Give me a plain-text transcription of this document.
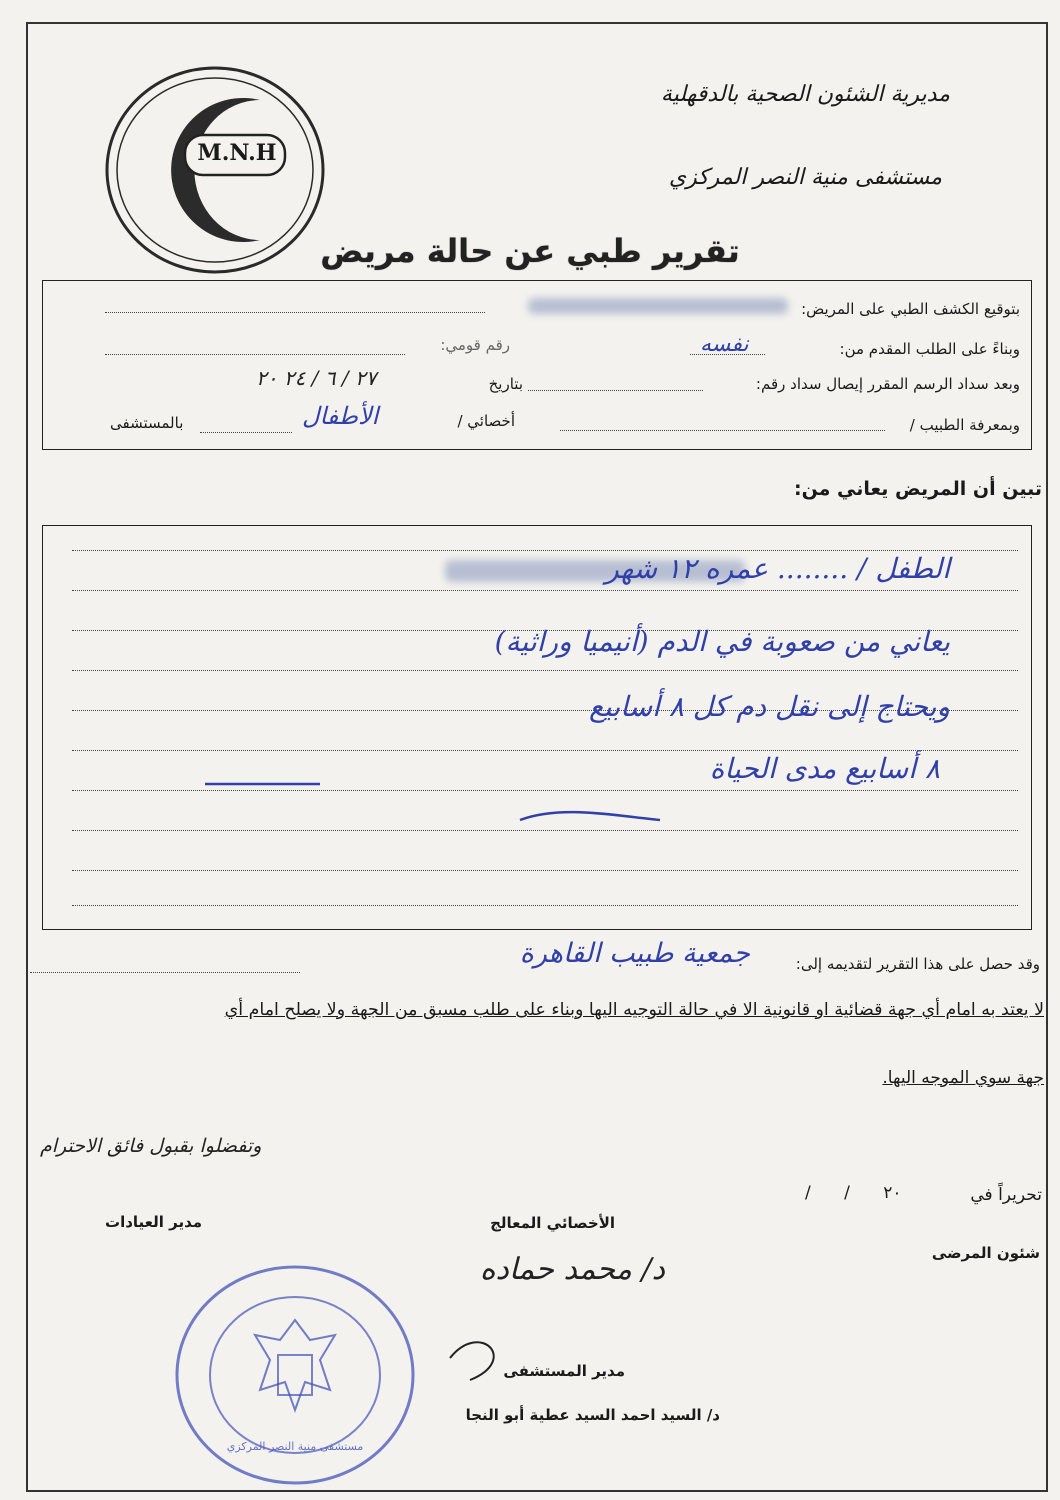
M.N.H
مديرية الشئون الصحية بالدقهلية
مستشفى منية النصر المركزي
تقرير طبي عن حالة مريض
بتوقيع الكشف الطبي على المريض:
وبناءً على الطلب المقدم من:
نفسه
رقم قومي:
وبعد سداد الرسم المقرر إيصال سداد رقم:
بتاريخ
٢٧ / ٦ / ٢٤ ٢٠
وبمعرفة الطبيب /
أخصائي /
الأطفال
بالمستشفى
تبين أن المريض يعاني من:
الطفل / ........ عمره ١٢ شهر
يعاني من صعوبة في الدم (أنيميا وراثية)
ويحتاج إلى نقل دم كل ٨ أسابيع
٨ أسابيع مدى الحياة
وقد حصل على هذا التقرير لتقديمه إلى:
جمعية طبيب القاهرة
لا يعتد به امام أي جهة قضائية او قانونية الا في حالة التوجيه اليها وبناء على طلب مسبق من الجهة ولا يصلح امام أي
جهة سوي الموجه اليها.
وتفضلوا بقبول فائق الاحترام
تحريراً في
/ / ٢٠
شئون المرضى
الأخصائي المعالج
مدير العيادات
د/ محمد حماده
مدير المستشفى
د/ السيد احمد السيد عطية أبو النجا
مستشفى منية النصر المركزي
